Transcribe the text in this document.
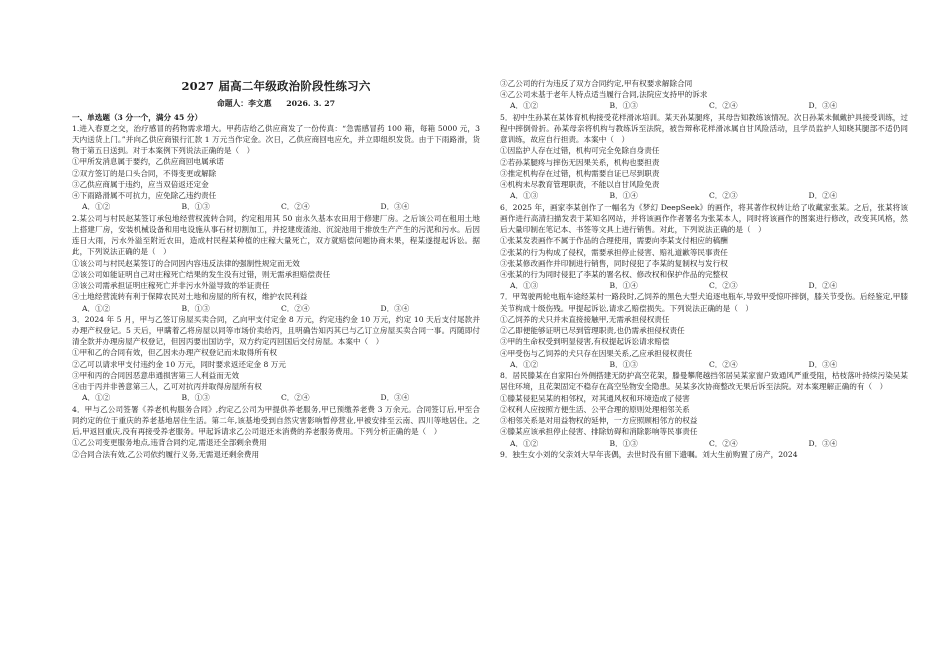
2027 届高二年级政治阶段性练习六

命题人：李文惠 2026. 3. 27

一、单选题（3 分一个，满分 45 分）

1.进入春夏之交，治疗感冒的药物需求增大。甲药店给乙供应商发了一份传真：“急需感冒药 100 箱，每箱 5000 元，3 天内送货上门。”并向乙供应商银行汇款 1 万元当作定金。次日，乙供应商回电应允，并立即组织发货。由于下雨路滑，货物于第五日送到。对于本案例下列说法正确的是（　）

①甲所发消息属于要约，乙供应商回电属承诺

②双方签订的是口头合同，不得变更或解除

③乙供应商属于违约，应当双倍返还定金

④下雨路滑属不可抗力，应免除乙违约责任

A．①②	B．①③	C．②④	D．③④

2.某公司与村民赵某签订承包地经营权流转合同，约定租用其 50 亩永久基本农田用于修建厂房。之后该公司在租用土地上搭建厂房，安装机械设备和用电设施从事石材切割加工，并挖建废渣池、沉淀池用于排放生产产生的污泥和污水。后因连日大雨，污水外溢至附近农田，造成村民程某种植的庄稼大量死亡，双方就赔偿问题协商未果，程某遂提起诉讼。据此，下列说法正确的是（　）

①该公司与村民赵某签订的合同因内容违反法律的强制性规定而无效

②该公司如能证明自己对庄稼死亡结果的发生没有过错，则无需承担赔偿责任

③该公司需承担证明庄稼死亡并非污水外溢导致的举证责任

④土地经营流转有利于保障农民对土地和房屋的所有权，维护农民利益

A．①②	B．①③	C．②④	D．③④

3．2024 年 5 月，甲与乙签订房屋买卖合同，乙向甲支付定金 8 万元，约定违约金 10 万元，约定 10 天后支付尾款并办理产权登记。5 天后，甲瞒着乙将房屋以同等市场价卖给丙，且明确告知丙其已与乙订立房屋买卖合同一事。丙随即付清全款并办理房屋产权登记，但因丙要出国访学，双方约定丙回国后交付房屋。本案中（　）

①甲和乙的合同有效，但乙因未办理产权登记而未取得所有权

②乙可以请求甲支付违约金 10 万元，同时要求返还定金 8 万元

③甲和丙的合同因恶意串通损害第三人利益而无效

④由于丙并非善意第三人，乙可对抗丙并取得房屋所有权

A．①②	B．①③	C．②④	D．③④

4．甲与乙公司签署《养老机构服务合同》,约定乙公司为甲提供养老服务,甲已预缴养老费 3 万余元。合同签订后,甲至合同约定的位于重庆的养老基地居住生活。第二年,该基地受到自然灾害影响暂停营业,甲被安排至云南、四川等地居住。之后,甲返回重庆,没有再接受养老服务。甲起诉请求乙公司退还未消费的养老服务费用。下列分析正确的是（　）

①乙公司变更服务地点,违背合同约定,需退还全部剩余费用

②合同合法有效,乙公司依约履行义务,无需退还剩余费用

③乙公司的行为违反了双方合同约定,甲有权要求解除合同

④乙公司未基于老年人特点适当履行合同,法院应支持甲的诉求

A．①②	B．①③	C．②④	D．③④

5．初中生孙某在某体育机构接受花样滑冰培训。某天孙某腿疼，其母告知教练该情况。次日孙某未佩戴护具接受训练，过程中摔倒骨折。孙某母亲将机构与教练诉至法院，被告辩称花样滑冰属自甘风险活动，且学员监护人知晓其腿部不适仍同意训练，故应自行担责。本案中（　）

①因监护人存在过错，机构可完全免除自身责任

②若孙某腿疼与摔伤无因果关系，机构也要担责

③推定机构存在过错，机构需要自证已尽到职责

④机构未尽教育管理职责，不能以自甘风险免责

A．①③	B．①④	C．②③	D．②④

6．2025 年，画家李某创作了一幅名为《梦幻 DeepSeek》的画作，将其著作权转让给了收藏家张某。之后，张某将该画作进行高清扫描发表于某知名网站，并将该画作作者署名为张某本人，同时将该画作的图案进行修改，改变其风格，然后大量印制在笔记本、书签等文具上进行销售。对此，下列说法正确的是（　）

①张某发表画作不属于作品的合理使用，需要向李某支付相应的稿酬

②张某的行为构成了侵权，需要承担停止侵害、赔礼道歉等民事责任

③张某修改画作并印制进行销售，同时侵犯了李某的复制权与发行权

④张某的行为同时侵犯了李某的署名权、修改权和保护作品的完整权

A．①③	B．①④	C．②③	D．②④

7．甲驾驶两轮电瓶车途经某村一路段时,乙饲养的黑色大型犬追逐电瓶车,导致甲受惊吓摔倒，膝关节受伤。后经鉴定,甲膝关节构成十级伤残。甲提起诉讼,请求乙赔偿损失。下列说法正确的是（　）

①乙饲养的犬只并未直接接触甲,无需承担侵权责任

②乙即便能够证明已尽到管理职责,也仍需承担侵权责任

③甲的生命权受到明显侵害,有权提起诉讼请求赔偿

④甲受伤与乙饲养的犬只存在因果关系,乙应承担侵权责任

A．①②	B．①③	C．②④	D．③④

8．居民滕某在自家阳台外侧搭建无防护高空花架，滕曼攀爬越挡邻居吴某家窗户致通风严重受阻，枯枝落叶持续污染吴某居住环境，且花架固定不稳存在高空坠物安全隐患。吴某多次协商整改无果后诉至法院。对本案理解正确的有（　）

①滕某侵犯吴某的相邻权，对其通风权和环境造成了侵害

②权利人应按照方便生活、公平合理的原则处理相邻关系

③相邻关系是对用益物权的延伸，一方应照顾相邻方的权益

④滕某应该承担停止侵害、排除妨碍和消除影响等民事责任

A．①②	B．①③	C．②④	D．③④

9．独生女小刘的父亲刘大早年丧偶，去世时没有留下遗嘱。刘大生前购置了房产，2024
